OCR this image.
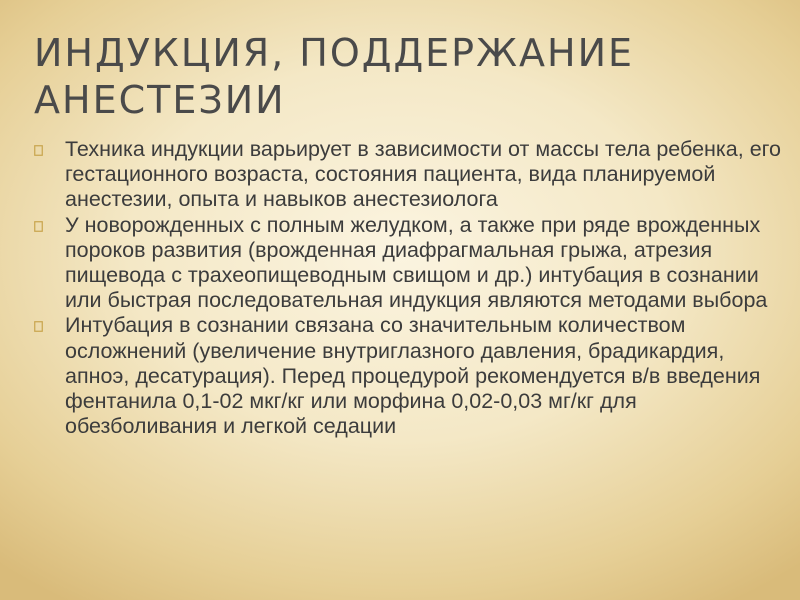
ИНДУКЦИЯ, ПОДДЕРЖАНИЕ АНЕСТЕЗИИ
Техника индукции варьирует в зависимости от массы тела ребенка, его гестационного возраста, состояния пациента, вида планируемой анестезии, опыта и навыков анестезиолога
У новорожденных с полным желудком, а также при ряде врожденных пороков развития (врожденная диафрагмальная грыжа, атрезия пищевода с трахеопищеводным свищом и др.) интубация в сознании или быстрая последовательная индукция являются методами выбора
Интубация в сознании связана со значительным количеством осложнений (увеличение внутриглазного давления, брадикардия, апноэ, десатурация). Перед процедурой рекомендуется в/в введения фентанила 0,1-02 мкг/кг или морфина 0,02-0,03 мг/кг для обезболивания и легкой седации
